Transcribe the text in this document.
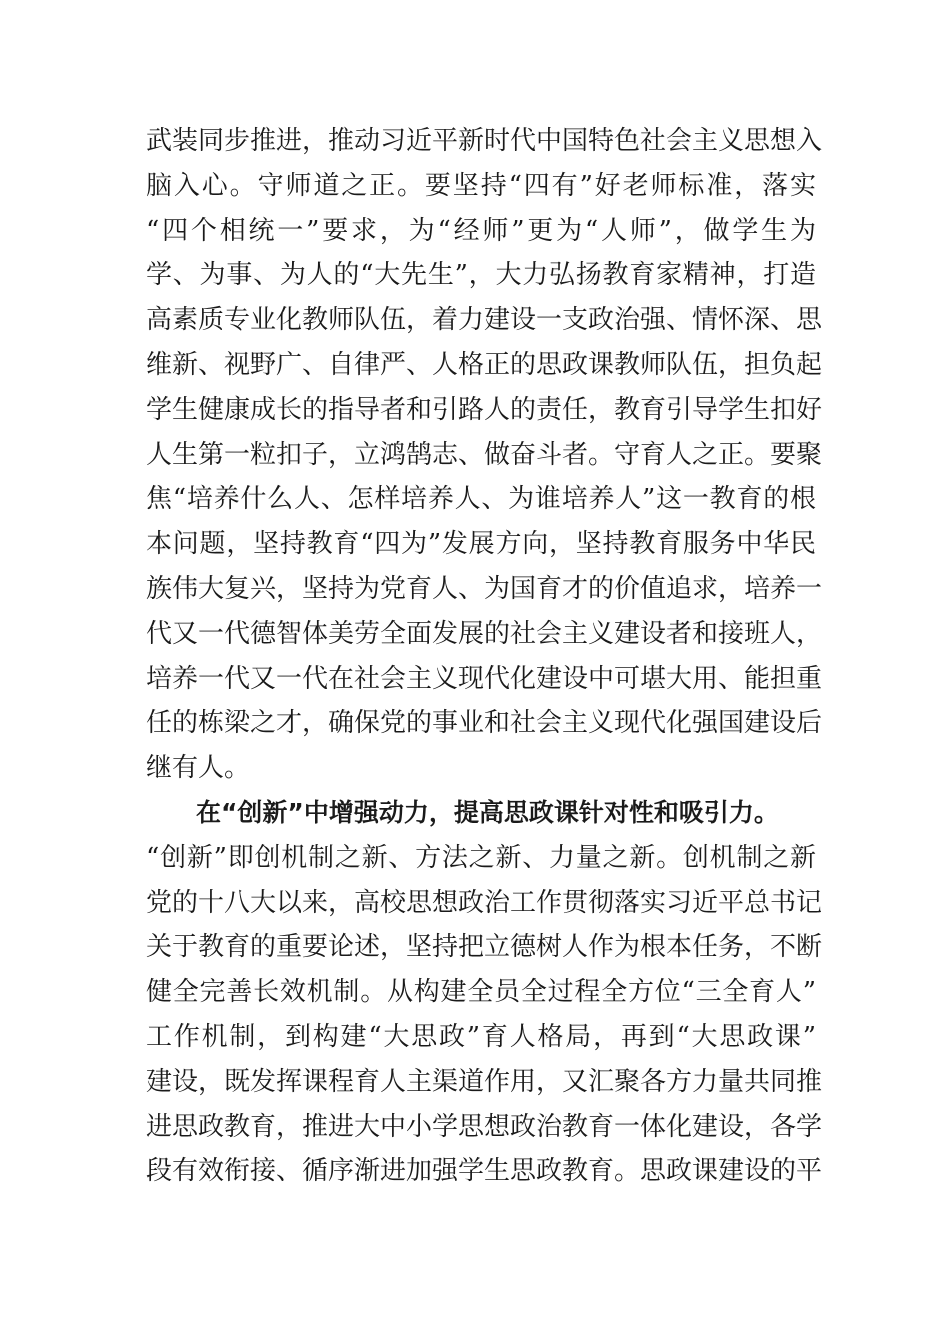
武装同步推进，推动习近平新时代中国特色社会主义思想入
脑入心。守师道之正。要坚持“四有”好老师标准，落实
“四个相统一”要求，为“经师”更为“人师”，做学生为
学、为事、为人的“大先生”，大力弘扬教育家精神，打造
高素质专业化教师队伍，着力建设一支政治强、情怀深、思
维新、视野广、自律严、人格正的思政课教师队伍，担负起
学生健康成长的指导者和引路人的责任，教育引导学生扣好
人生第一粒扣子，立鸿鹄志、做奋斗者。守育人之正。要聚
焦“培养什么人、怎样培养人、为谁培养人”这一教育的根
本问题，坚持教育“四为”发展方向，坚持教育服务中华民
族伟大复兴，坚持为党育人、为国育才的价值追求，培养一
代又一代德智体美劳全面发展的社会主义建设者和接班人，
培养一代又一代在社会主义现代化建设中可堪大用、能担重
任的栋梁之才，确保党的事业和社会主义现代化强国建设后
继有人。
在“创新”中增强动力，提高思政课针对性和吸引力。
“创新”即创机制之新、方法之新、力量之新。创机制之新
党的十八大以来，高校思想政治工作贯彻落实习近平总书记
关于教育的重要论述，坚持把立德树人作为根本任务，不断
健全完善长效机制。从构建全员全过程全方位“三全育人”
工作机制，到构建“大思政”育人格局，再到“大思政课”
建设，既发挥课程育人主渠道作用，又汇聚各方力量共同推
进思政教育，推进大中小学思想政治教育一体化建设，各学
段有效衔接、循序渐进加强学生思政教育。思政课建设的平
